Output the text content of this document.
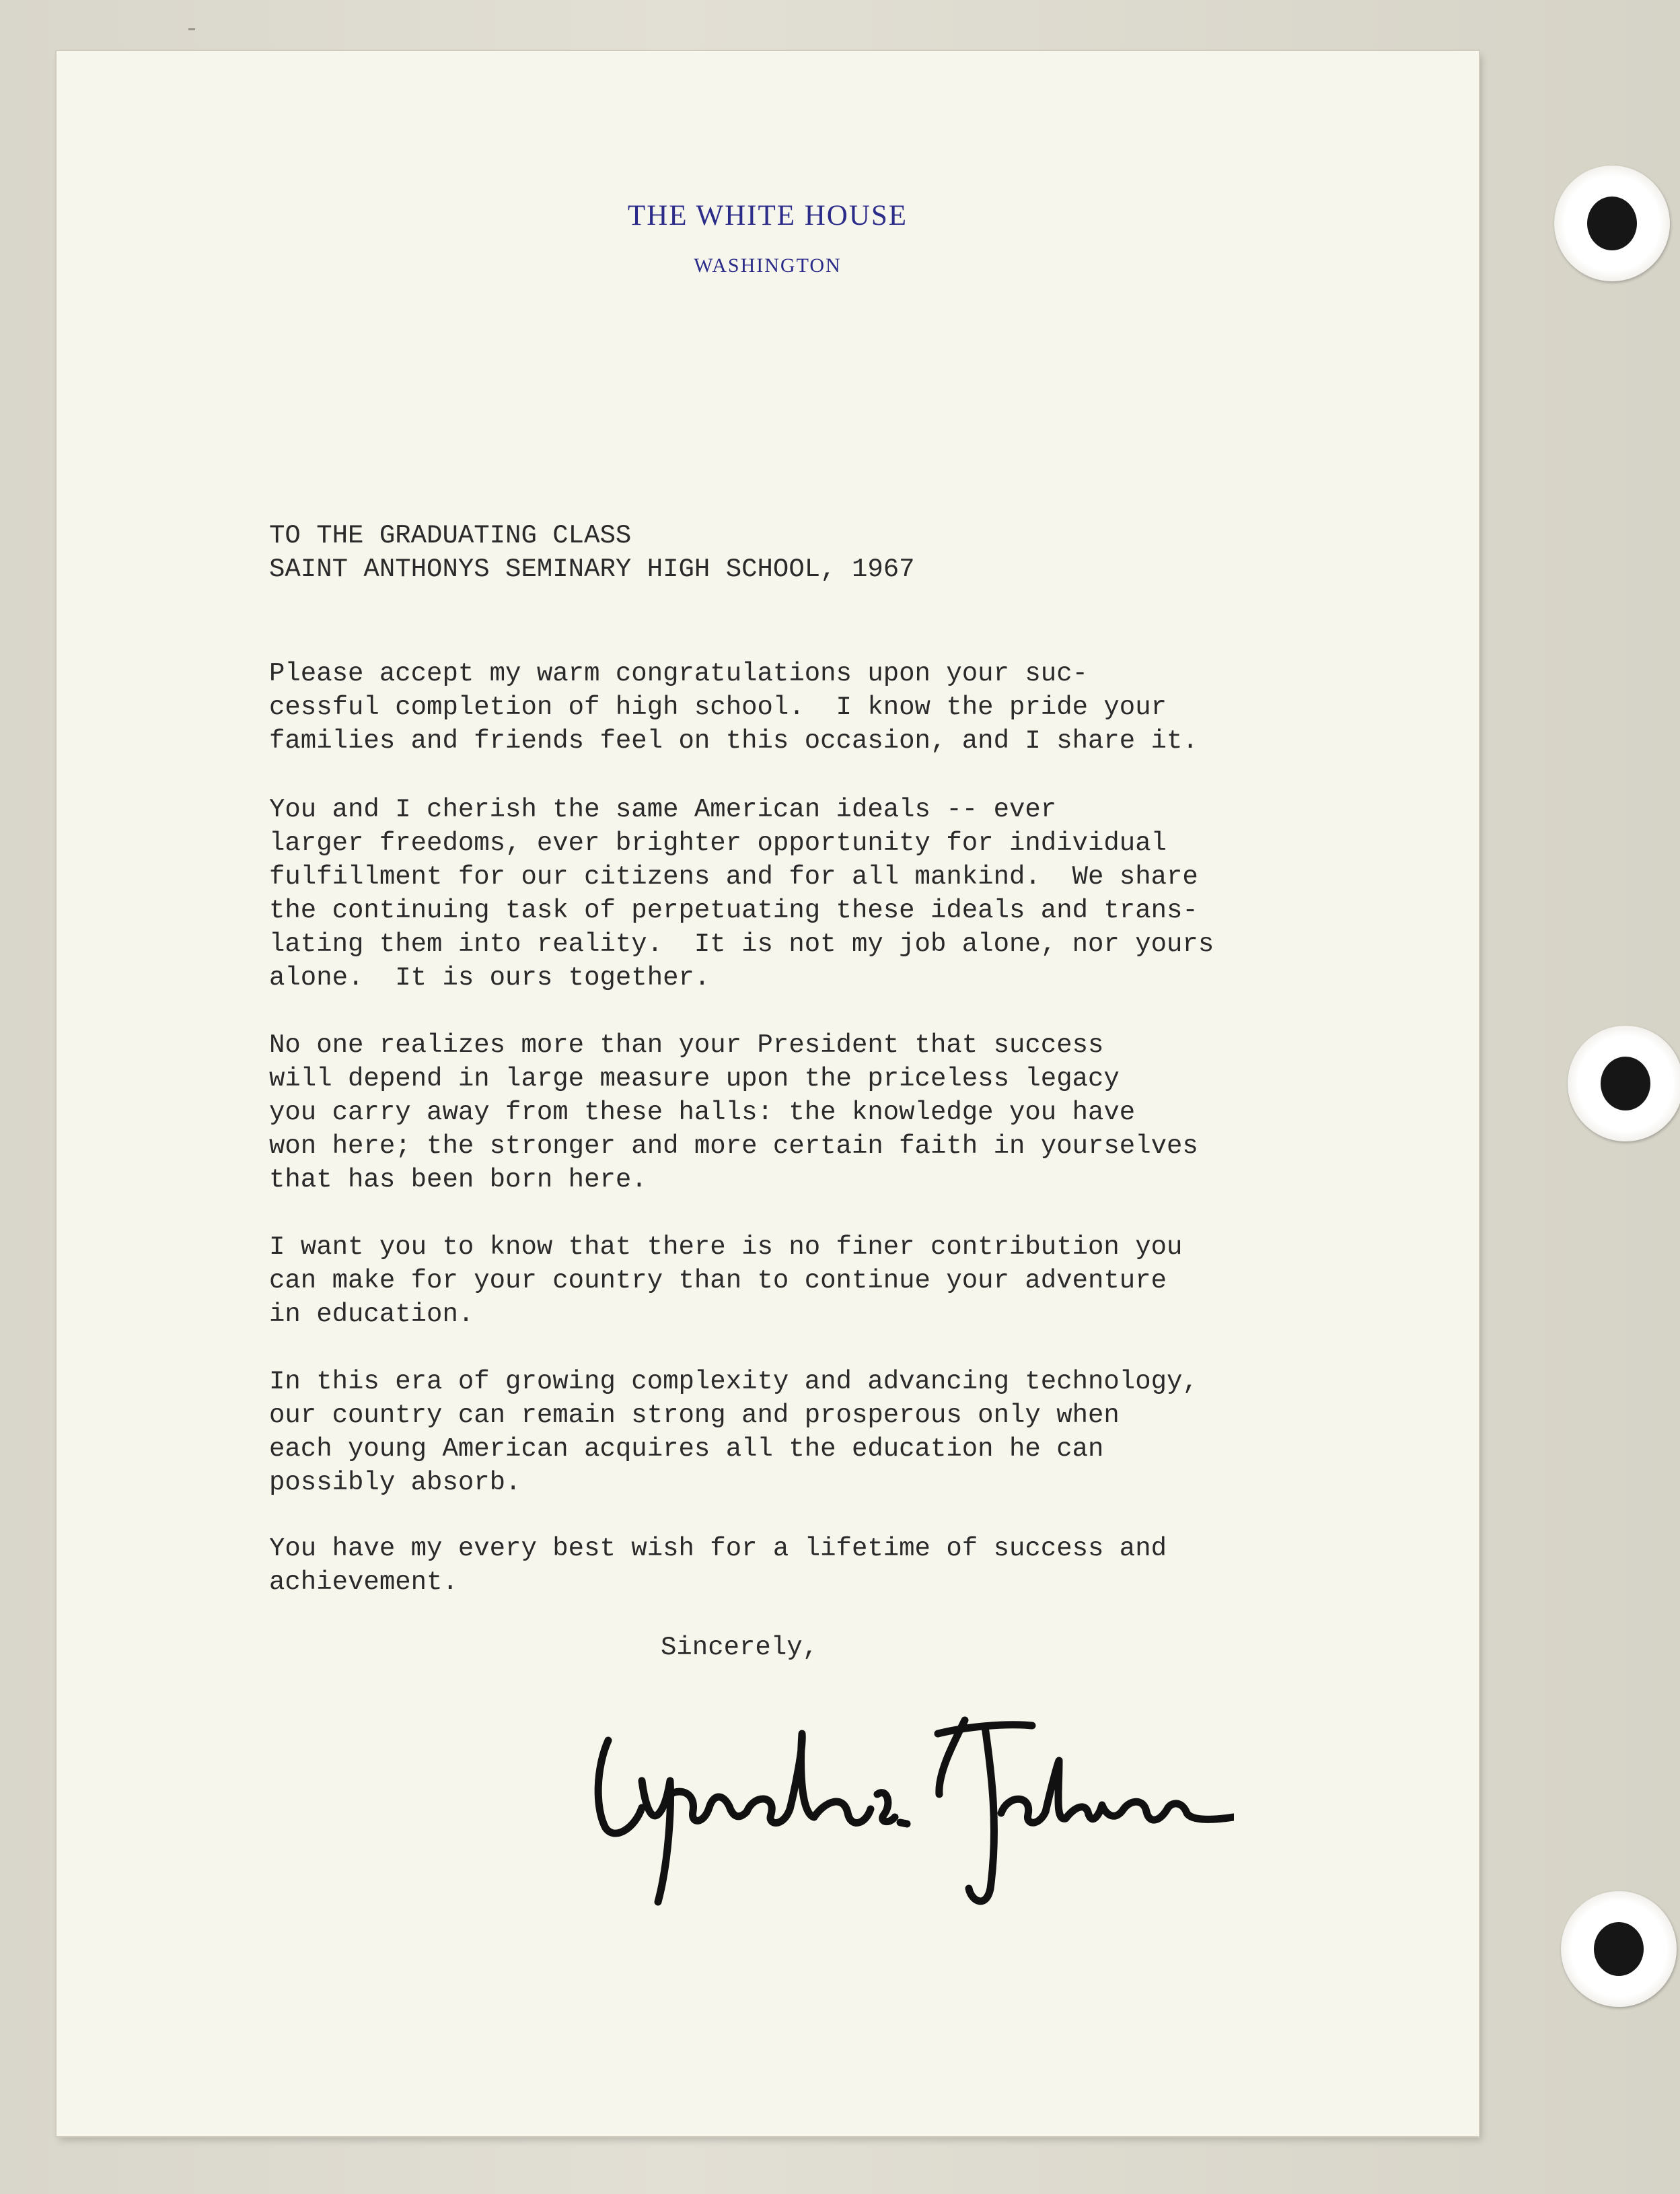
THE WHITE HOUSE
WASHINGTON
TO THE GRADUATING CLASS
SAINT ANTHONYS SEMINARY HIGH SCHOOL, 1967
Please accept my warm congratulations upon your suc-
cessful completion of high school.  I know the pride your
families and friends feel on this occasion, and I share it.
You and I cherish the same American ideals -- ever
larger freedoms, ever brighter opportunity for individual
fulfillment for our citizens and for all mankind.  We share
the continuing task of perpetuating these ideals and trans-
lating them into reality.  It is not my job alone, nor yours
alone.  It is ours together.
No one realizes more than your President that success
will depend in large measure upon the priceless legacy
you carry away from these halls: the knowledge you have
won here; the stronger and more certain faith in yourselves
that has been born here.
I want you to know that there is no finer contribution you
can make for your country than to continue your adventure
in education.
In this era of growing complexity and advancing technology,
our country can remain strong and prosperous only when
each young American acquires all the education he can
possibly absorb.
You have my every best wish for a lifetime of success and
achievement.
Sincerely,
